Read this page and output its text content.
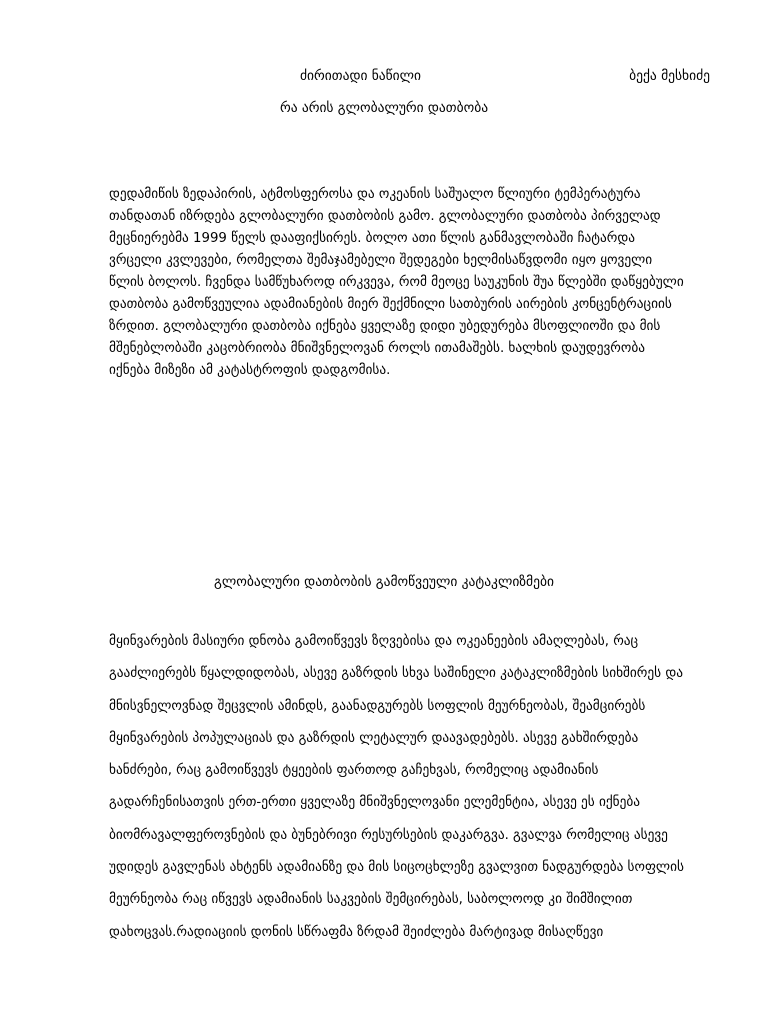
ძირითადი ნაწილი	ბექა მესხიძე
რა არის გლობალური დათბობა

დედამიწის ზედაპირის, ატმოსფეროსა და ოკეანის საშუალო წლიური ტემპერატურა თანდათან იზრდება გლობალური დათბობის გამო. გლობალური დათბობა პირველად მეცნიერებმა 1999 წელს დააფიქსირეს. ბოლო ათი წლის განმავლობაში ჩატარდა ვრცელი კვლევები, რომელთა შემაჯამებელი შედეგები ხელმისაწვდომი იყო ყოველი წლის ბოლოს. ჩვენდა სამწუხაროდ ირკვევა, რომ მეოცე საუკუნის შუა წლებში დაწყებული დათბობა გამოწვეულია ადამიანების მიერ შექმნილი სათბურის აირების კონცენტრაციის ზრდით. გლობალური დათბობა იქნება ყველაზე დიდი უბედურება მსოფლიოში და მის მშენებლობაში კაცობრიობა მნიშვნელოვან როლს ითამაშებს. ხალხის დაუდევრობა იქნება მიზეზი ამ კატასტროფის დადგომისა.

გლობალური დათბობის გამოწვეული კატაკლიზმები

მყინვარების მასიური დნობა გამოიწვევს ზღვებისა და ოკეანეების ამაღლებას, რაც გააძლიერებს წყალდიდობას, ასევე გაზრდის სხვა საშინელი კატაკლიზმების სიხშირეს და მნისვნელოვნად შეცვლის ამინდს, გაანადგურებს სოფლის მეურნეობას, შეამცირებს მყინვარების პოპულაციას და გაზრდის ლეტალურ დაავადებებს. ასევე გახშირდება ხანძრები, რაც გამოიწვევს ტყეების ფართოდ გაჩეხვას, რომელიც ადამიანის გადარჩენისათვის ერთ-ერთი ყველაზე მნიშვნელოვანი ელემენტია, ასევე ეს იქნება ბიომრავალფეროვნების და ბუნებრივი რესურსების დაკარგვა. გვალვა რომელიც ასევე უდიდეს გავლენას ახტენს ადამიანზე და მის სიცოცხლეზე გვალვით ნადგურდება სოფლის მეურნეობა რაც იწვევს ადამიანის საკვების შემცირებას, საბოლოოდ კი შიმშილით დახოცვას.რადიაციის დონის სწრაფმა ზრდამ შეიძლება მარტივად მისაღწევი
